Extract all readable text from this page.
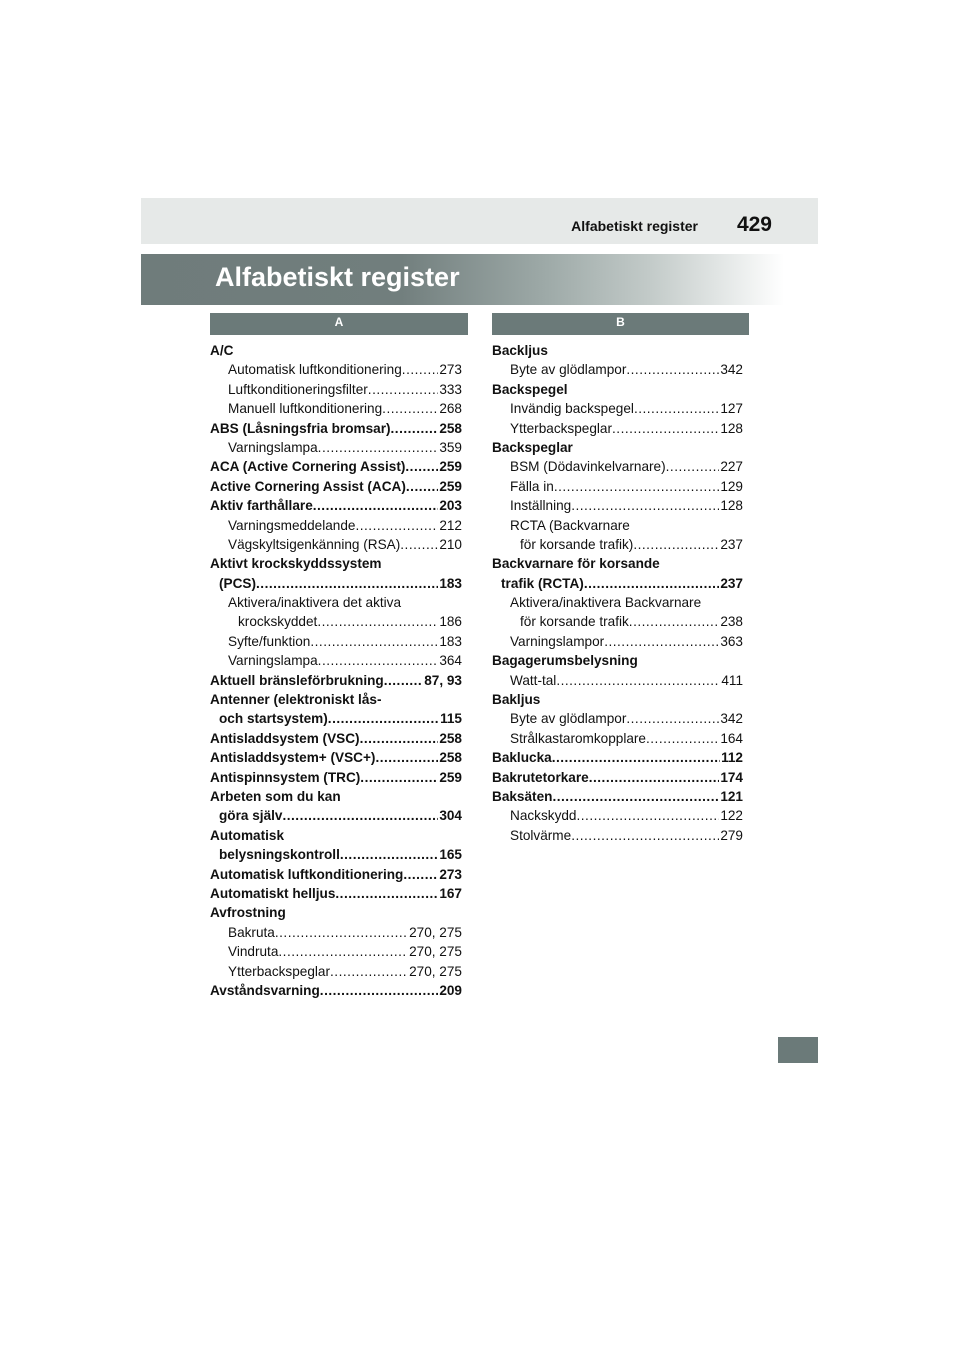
Alfabetiskt register 429
Alfabetiskt register
A	B
A/C
Automatisk luftkonditionering .....	273
Luftkonditioneringsfilter .....	333
Manuell luftkonditionering .....	268
ABS (Låsningsfria bromsar) .....	258
Varningslampa .....	359
ACA (Active Cornering Assist) ..... 259
Active Cornering Assist (ACA) ..... 259
Aktiv farthållare .....	203
Varningsmeddelande .....	212
Vägskyltsigenkänning (RSA) .....	210
Aktivt krockskyddssystem
(PCS) .....	183
Aktivera/inaktivera det aktiva
krockskyddet .....	186
Syfte/funktion .....	183
Varningslampa .....	364
Aktuell bränsleförbrukning .....	87, 93
Antenner (elektroniskt lås-
och startsystem) .....	115
Antisladdsystem (VSC) .....	258
Antisladdsystem+ (VSC+) .....	258
Antispinnsystem (TRC) .....	259
Arbeten som du kan
göra själv .....	304
Automatisk
belysningskontroll .....	165
Automatisk luftkonditionering .....	273
Automatiskt helljus .....	167
Avfrostning
Bakruta .....	270, 275
Vindruta .....	270, 275
Ytterbackspeglar .....	270, 275
Avståndsvarning .....	209
Backljus
Byte av glödlampor .....	342
Backspegel
Invändig backspegel .....	127
Ytterbackspeglar .....	128
Backspeglar
BSM (Dödavinkelvarnare) .....	227
Fälla in .....	129
Inställning .....	128
RCTA (Backvarnare
för korsande trafik) .....	237
Backvarnare för korsande
trafik (RCTA) .....	237
Aktivera/inaktivera Backvarnare
för korsande trafik .....	238
Varningslampor .....	363
Bagagerumsbelysning
Watt-tal .....	411
Bakljus
Byte av glödlampor .....	342
Strålkastaromkopplare .....	164
Baklucka .....	112
Bakrutetorkare .....	174
Baksäten .....	121
Nackskydd .....	122
Stolvärme .....	279
